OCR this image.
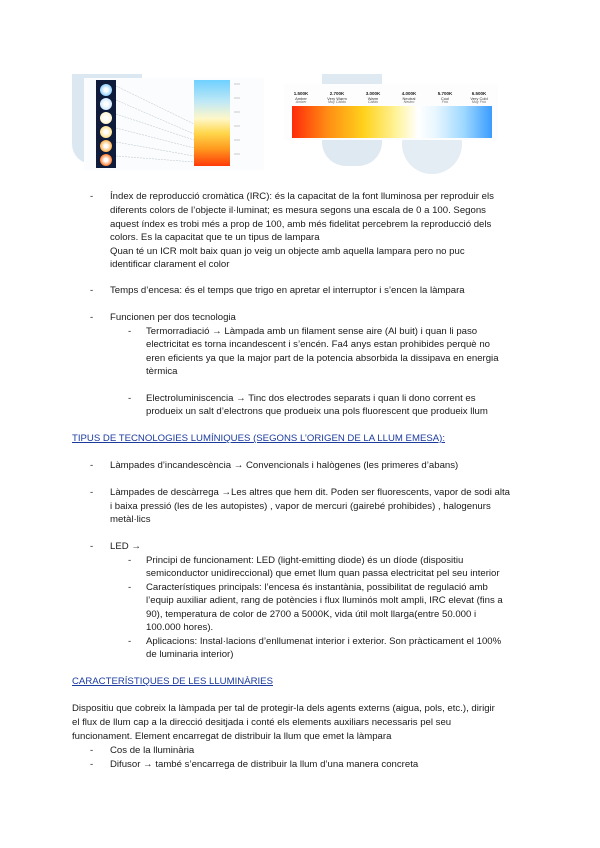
1.500K
Amber
Amber
2.700K
Very Warm
Muy Cálido
3.000K
Warm
Cálido
4.000K
Neutral
Neutro
5.700K
Cool
Frío
6.500K
Very Cold
Muy Frío
- Índex de reproducció cromàtica (IRC): és la capacitat de la font lluminosa per reproduir els
diferents colors de l’objecte il·luminat; es mesura segons una escala de 0 a 100. Segons
aquest índex es trobi més a prop de 100, amb més fidelitat percebrem la reproducció dels
colors. Es la capacitat que te un tipus de lampara
Quan té un ICR molt baix quan jo veig un objecte amb aquella lampara pero no puc
identificar clarament el color
- Temps d’encesa: és el temps que trigo en apretar el interruptor i s’encen la làmpara
- Funcionen per dos tecnologia
- Termorradiació → Làmpada amb un filament sense aire (Al buit) i quan li paso
electricitat es torna incandescent i s’encén. Fa4 anys estan prohibides perquè no
eren eficients ya que la major part de la potencia absorbida la dissipava en energia
tèrmica
- Electroluminiscencia → Tinc dos electrodes separats i quan li dono corrent es
produeix un salt d’electrons que produeix una pols fluorescent que produeix llum
TIPUS DE TECNOLOGIES LUMÍNIQUES (SEGONS L’ORIGEN DE LA LLUM EMESA):
- Làmpades d’incandescència → Convencionals i halògenes (les primeres d’abans)
- Làmpades de descàrrega →Les altres que hem dit. Poden ser fluorescents, vapor de sodi alta
i baixa pressió (les de les autopistes) , vapor de mercuri (gairebé prohibides) , halogenurs
metàl·lics
- LED →
- Principi de funcionament: LED (light-emitting diode) és un díode (dispositiu
semiconductor unidireccional) que emet llum quan passa electricitat pel seu interior
- Característiques principals: l’encesa és instantània, possibilitat de regulació amb
l’equip auxiliar adient, rang de potències i flux lluminós molt ampli, IRC elevat (fins a
90), temperatura de color de 2700 a 5000K, vida útil molt llarga(entre 50.000 i
100.000 hores).
- Aplicacions: Instal·lacions d’enllumenat interior i exterior. Son pràcticament el 100%
de luminaria interior)
CARACTERÍSTIQUES DE LES LLUMINÀRIES
Dispositiu que cobreix la làmpada per tal de protegir-la dels agents externs (aigua, pols, etc.), dirigir
el flux de llum cap a la direcció desitjada i conté els elements auxiliars necessaris pel seu
funcionament. Element encarregat de distribuir la llum que emet la làmpara
- Cos de la lluminària
- Difusor → també s’encarrega de distribuir la llum d’una manera concreta
